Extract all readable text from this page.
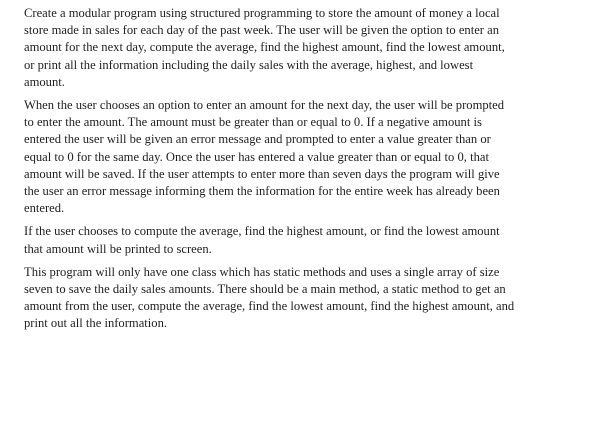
Create a modular program using structured programming to store the amount of money a local
store made in sales for each day of the past week. The user will be given the option to enter an
amount for the next day, compute the average, find the highest amount, find the lowest amount,
or print all the information including the daily sales with the average, highest, and lowest
amount.

When the user chooses an option to enter an amount for the next day, the user will be prompted
to enter the amount. The amount must be greater than or equal to 0. If a negative amount is
entered the user will be given an error message and prompted to enter a value greater than or
equal to 0 for the same day. Once the user has entered a value greater than or equal to 0, that
amount will be saved. If the user attempts to enter more than seven days the program will give
the user an error message informing them the information for the entire week has already been
entered.

If the user chooses to compute the average, find the highest amount, or find the lowest amount
that amount will be printed to screen.

This program will only have one class which has static methods and uses a single array of size
seven to save the daily sales amounts. There should be a main method, a static method to get an
amount from the user, compute the average, find the lowest amount, find the highest amount, and
print out all the information.
